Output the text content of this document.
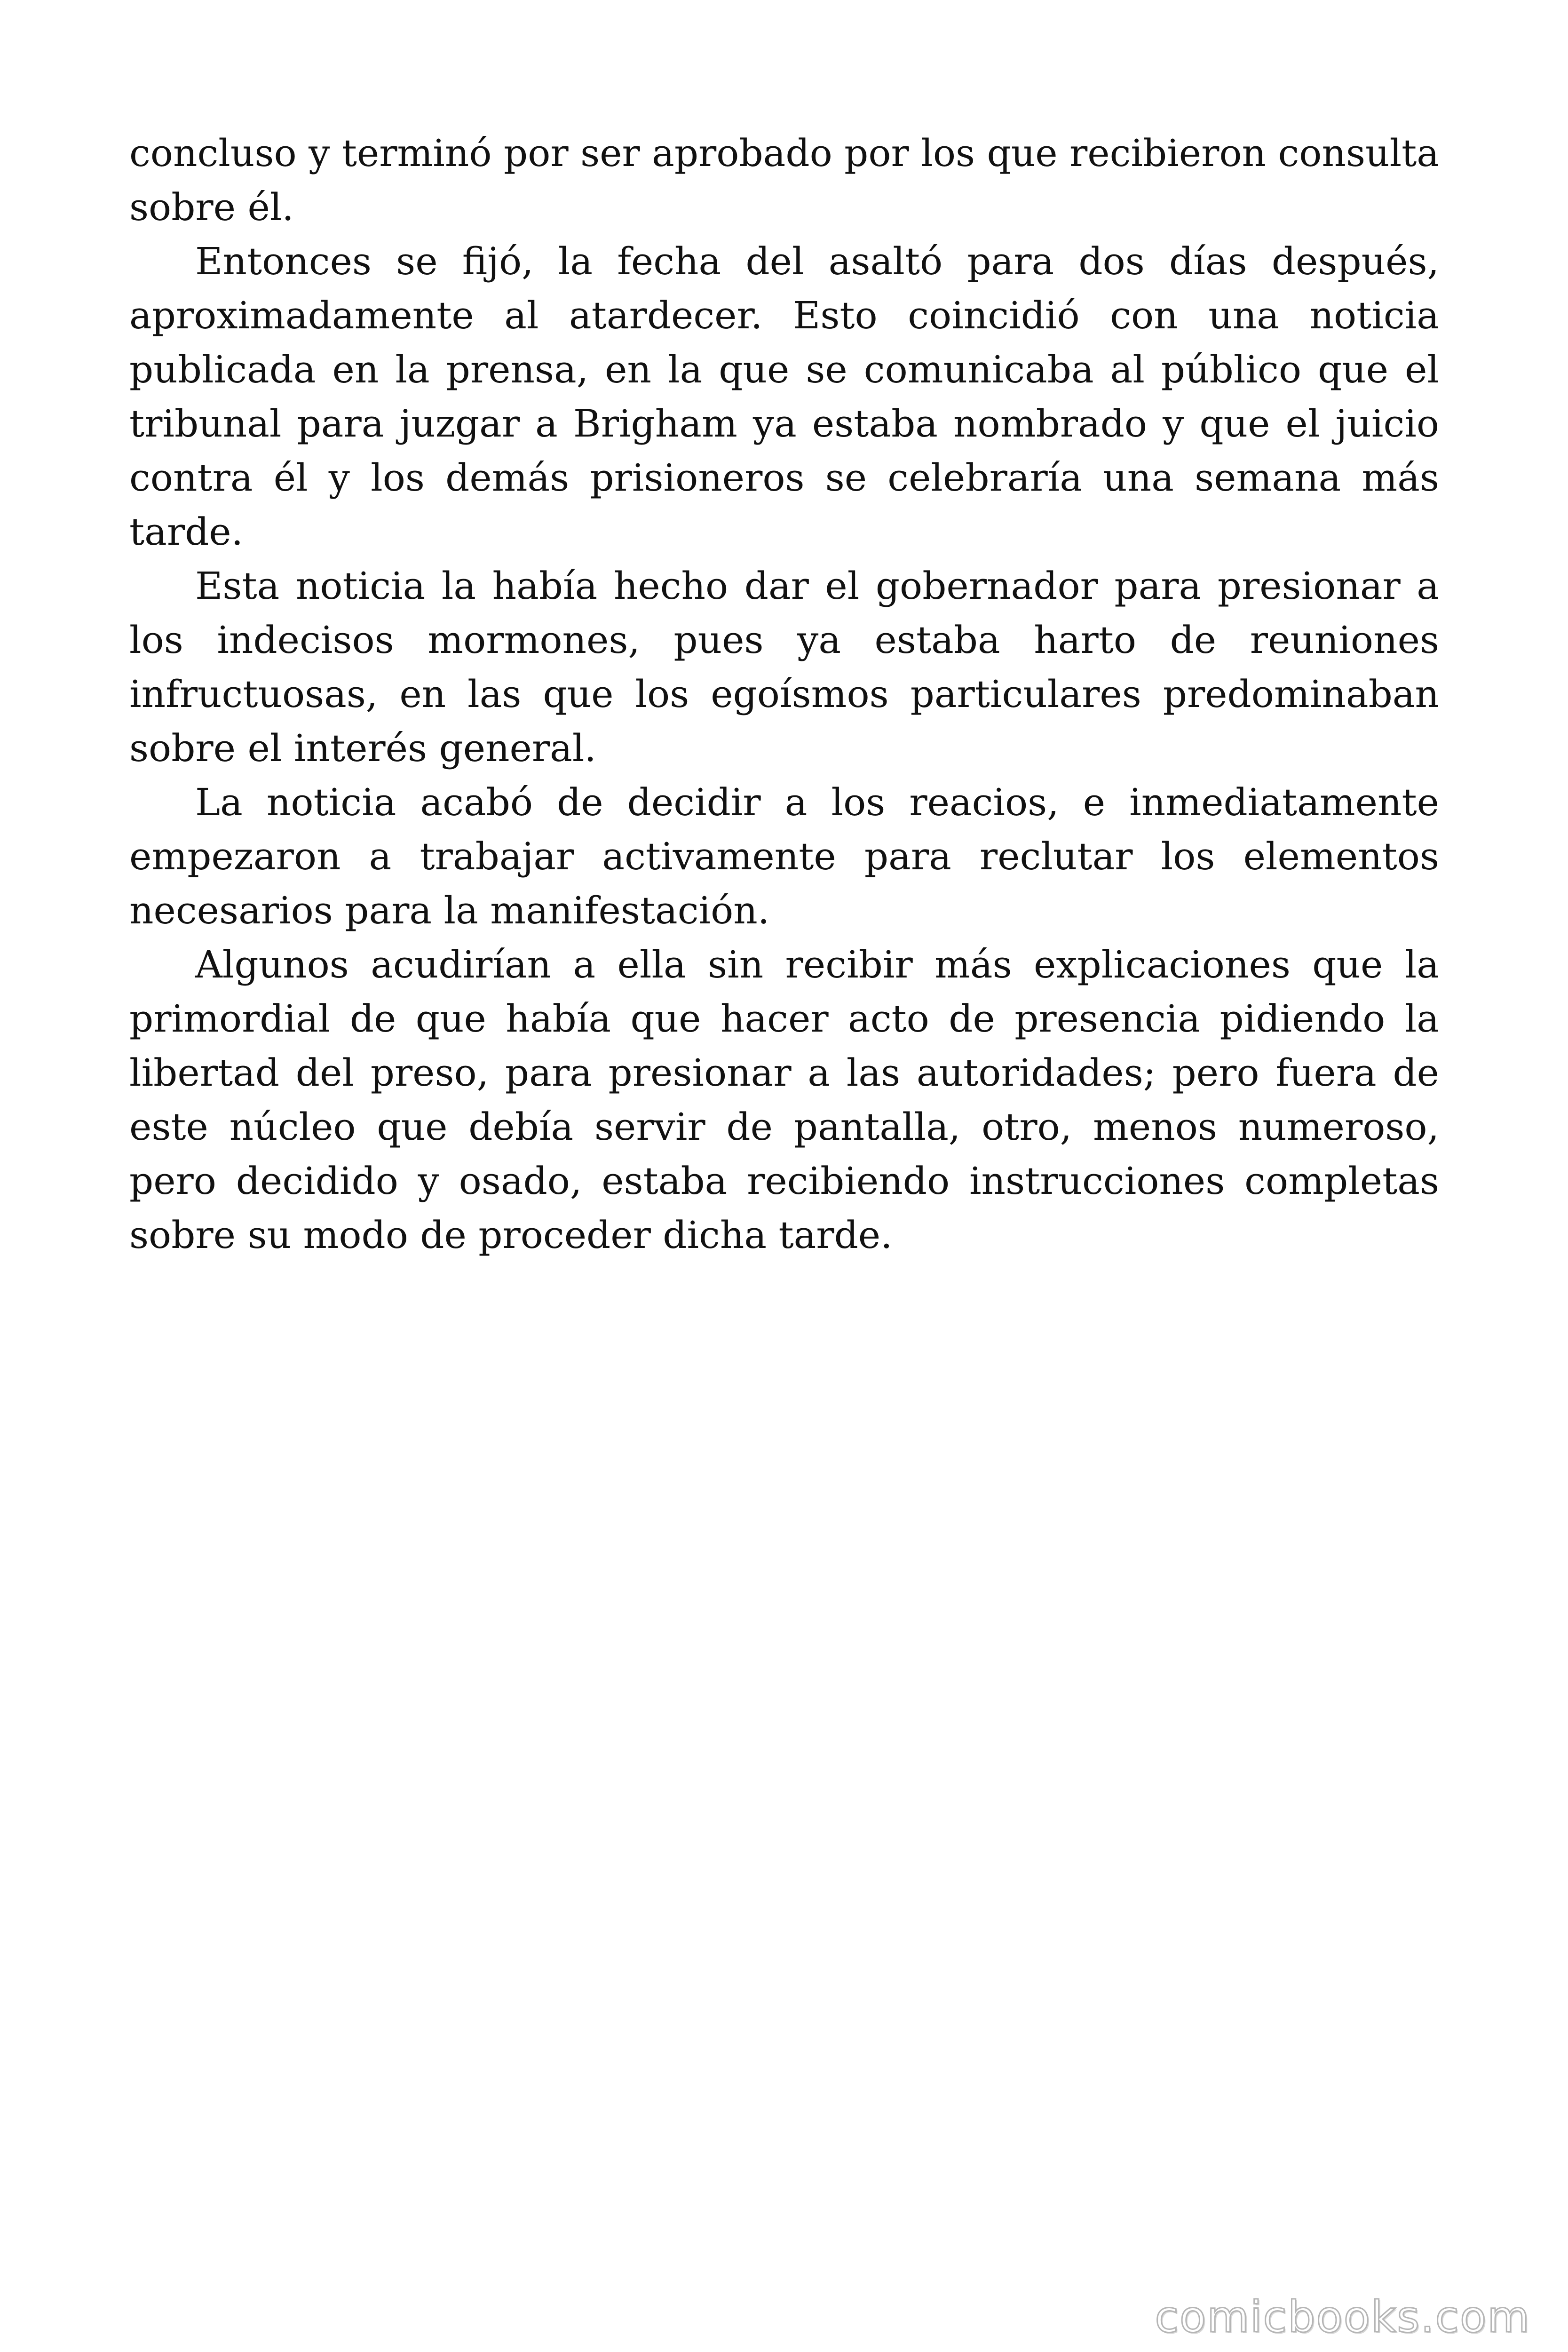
concluso y terminó por ser aprobado por los que recibieron consulta sobre él.

Entonces se fijó, la fecha del asaltó para dos días después, aproximadamente al atardecer. Esto coincidió con una noticia publicada en la prensa, en la que se comunicaba al público que el tribunal para juzgar a Brigham ya estaba nombrado y que el juicio contra él y los demás prisioneros se celebraría una semana más tarde.

Esta noticia la había hecho dar el gobernador para presionar a los indecisos mormones, pues ya estaba harto de reuniones infructuosas, en las que los egoísmos particulares predominaban sobre el interés general.

La noticia acabó de decidir a los reacios, e inmediatamente empezaron a trabajar activamente para reclutar los elementos necesarios para la manifestación.

Algunos acudirían a ella sin recibir más explicaciones que la primordial de que había que hacer acto de presencia pidiendo la libertad del preso, para presionar a las autoridades; pero fuera de este núcleo que debía servir de pantalla, otro, menos numeroso, pero decidido y osado, estaba recibiendo instrucciones completas sobre su modo de proceder dicha tarde.

comicbooks.com
